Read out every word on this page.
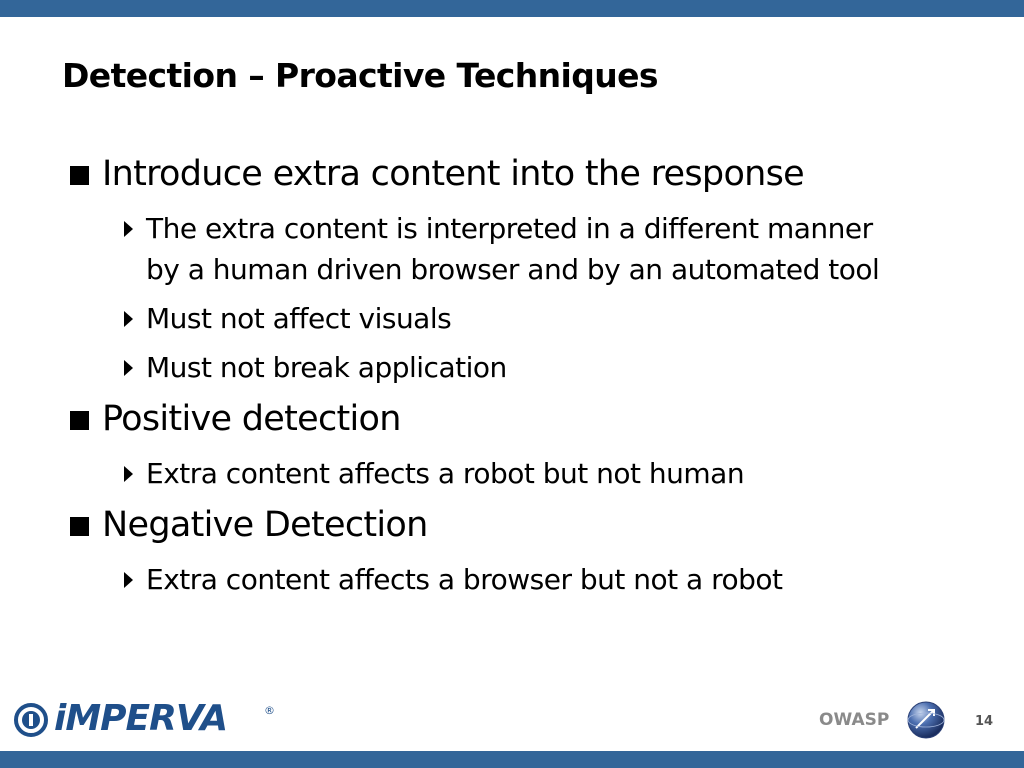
Detection – Proactive Techniques
Introduce extra content into the response
The extra content is interpreted in a different manner
by a human driven browser and by an automated tool
Must not affect visuals
Must not break application
Positive detection
Extra content affects a robot but not human
Negative Detection
Extra content affects a browser but not a robot
iMPERVA	®	OWASP	14
